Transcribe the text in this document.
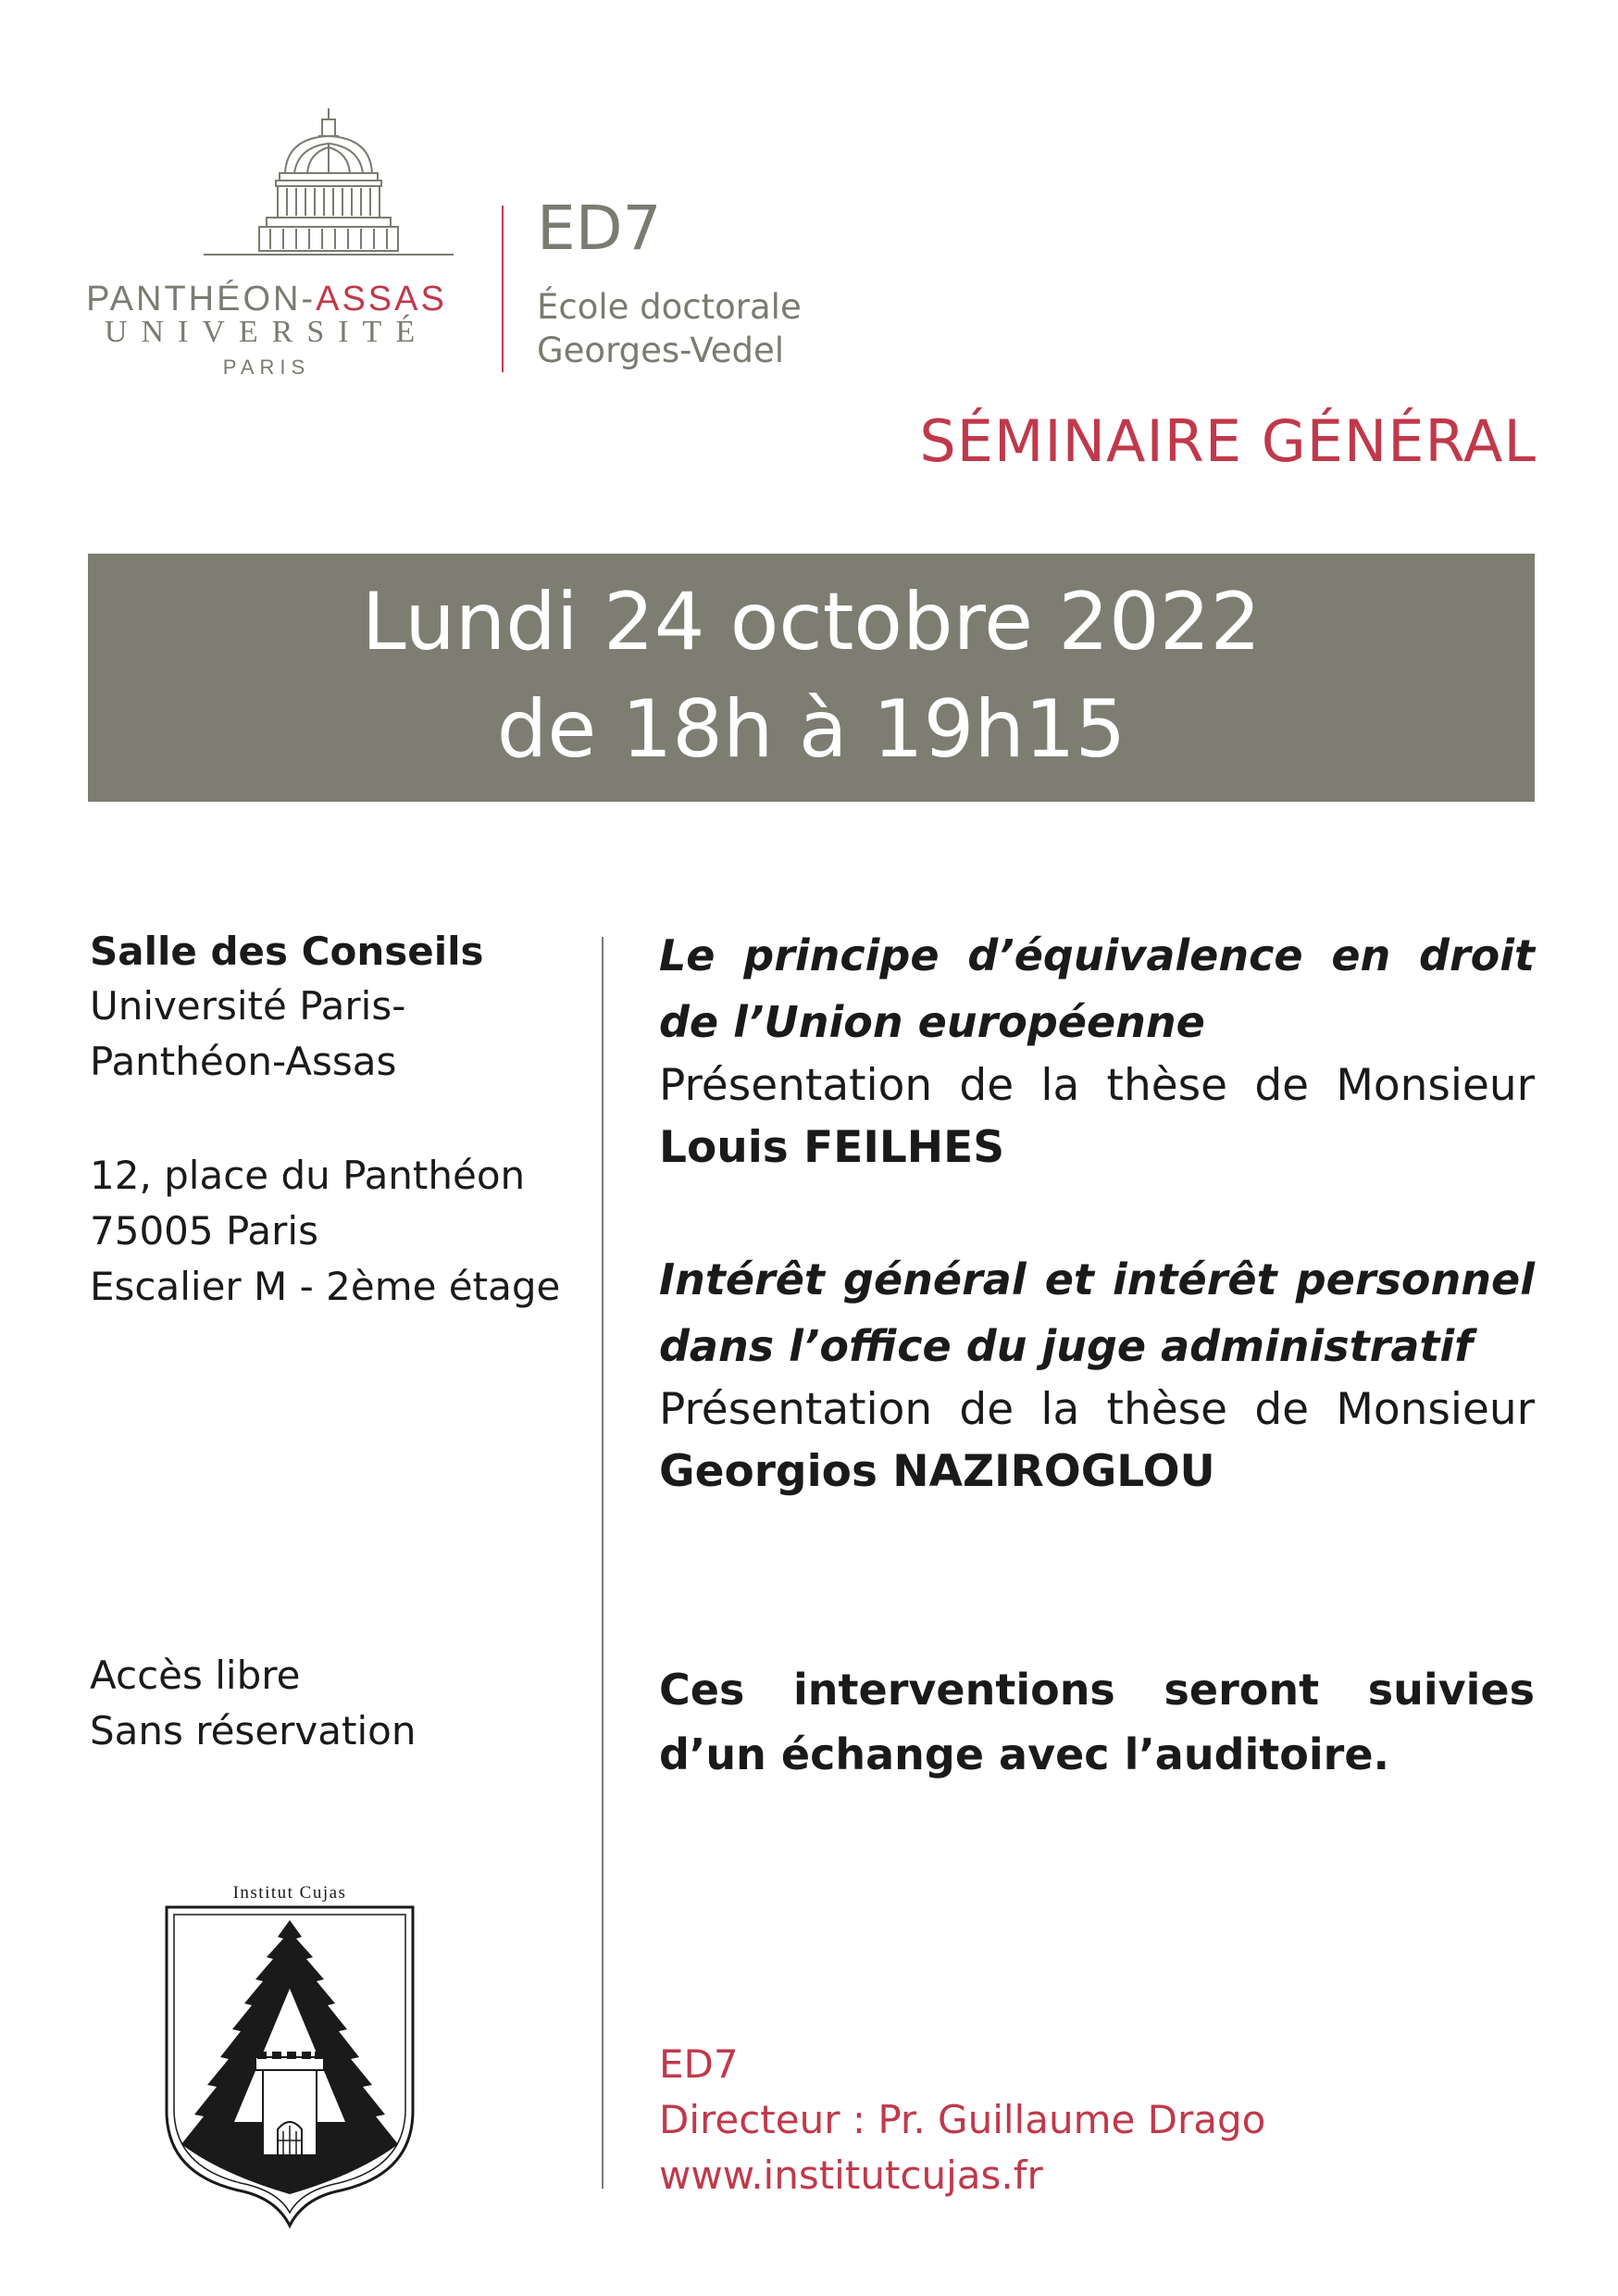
PANTHÉON-ASSAS
UNIVERSITÉ
PARIS
ED7
École doctorale
Georges-Vedel
SÉMINAIRE GÉNÉRAL
Lundi 24 octobre 2022
de 18h à 19h15
Salle des Conseils
Université Paris-
Panthéon-Assas
12, place du Panthéon
75005 Paris
Escalier M - 2ème étage
Accès libre
Sans réservation
Le principe d’équivalence en droit de l’Union européenne
Présentation de la thèse de Monsieur
Louis FEILHES
Intérêt général et intérêt personnel dans l’office du juge administratif
Présentation de la thèse de Monsieur
Georgios NAZIROGLOU
Ces interventions seront suivies d’un échange avec l’auditoire.
Institut Cujas
ED7
Directeur : Pr. Guillaume Drago
www.institutcujas.fr
